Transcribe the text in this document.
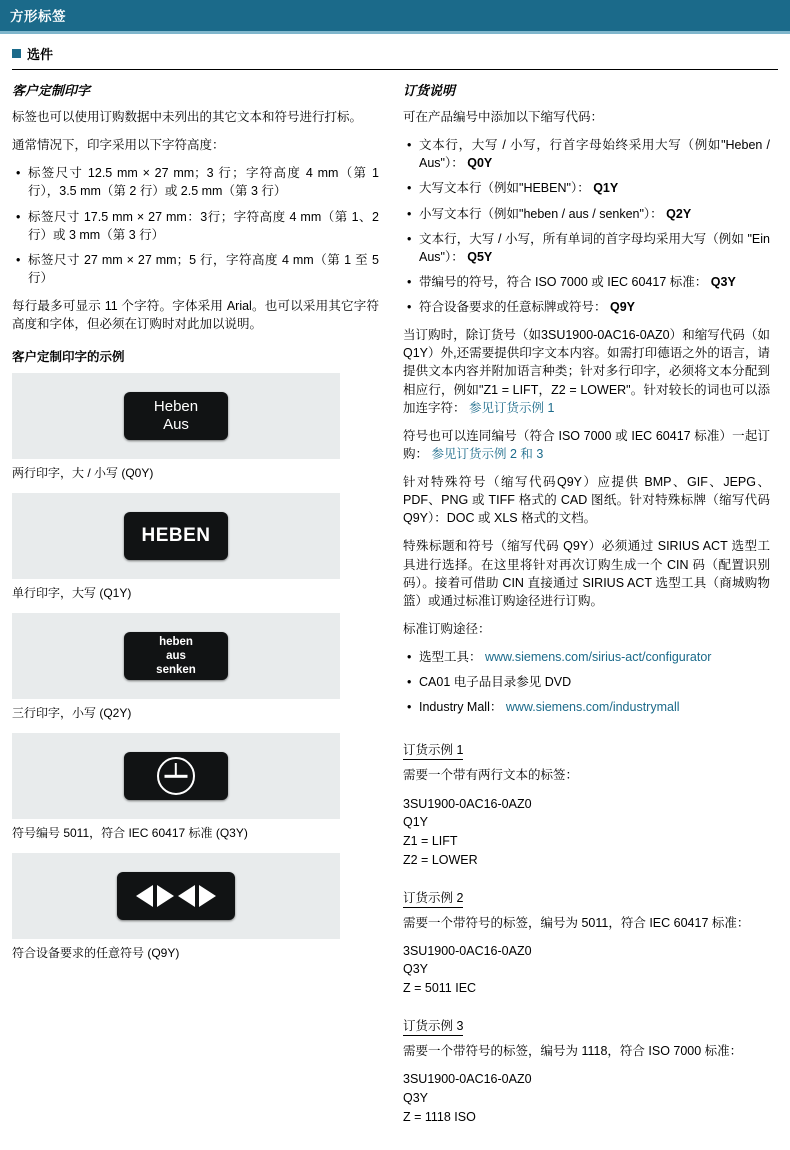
方形标签
选件
客户定制印字

标签也可以使用订购数据中未列出的其它文本和符号进行打标。

通常情况下，印字采用以下字符高度：

• 标签尺寸 12.5 mm × 27 mm；3 行；字符高度 4 mm（第 1 行），3.5 mm（第 2 行）或 2.5 mm（第 3 行）
• 标签尺寸 17.5 mm × 27 mm：3行；字符高度 4 mm（第 1、2 行）或 3 mm（第 3 行）
• 标签尺寸 27 mm × 27 mm；5 行，字符高度 4 mm（第 1 至 5 行）

每行最多可显示 11 个字符。字体采用 Arial。也可以采用其它字符高度和字体，但必须在订购时对此加以说明。

客户定制印字的示例
Heben
Aus
两行印字，大 / 小写 (Q0Y)
HEBEN
单行印字，大写 (Q1Y)
heben
aus
senken
三行印字，小写 (Q2Y)
符号编号 5011，符合 IEC 60417 标准 (Q3Y)
符合设备要求的任意符号 (Q9Y)
订货说明

可在产品编号中添加以下缩写代码：

• 文本行，大写 / 小写，行首字母始终采用大写（例如"Heben / Aus"）： Q0Y
• 大写文本行（例如"HEBEN"）： Q1Y
• 小写文本行（例如"heben / aus / senken"）： Q2Y
• 文本行，大写 / 小写，所有单词的首字母均采用大写（例如 "Ein Aus"）： Q5Y
• 带编号的符号，符合 ISO 7000 或 IEC 60417 标准： Q3Y
• 符合设备要求的任意标牌或符号： Q9Y

当订购时，除订货号（如3SU1900-0AC16-0AZ0）和缩写代码（如Q1Y）外,还需要提供印字文本内容。如需打印德语之外的语言，请提供文本内容并附加语言种类；针对多行印字，必须将文本分配到相应行，例如"Z1 = LIFT，Z2 = LOWER"。针对较长的词也可以添加连字符： 参见订货示例 1

符号也可以连同编号（符合 ISO 7000 或 IEC 60417 标准）一起订购： 参见订货示例 2 和 3

针对特殊符号（缩写代码Q9Y）应提供 BMP、GIF、JEPG、PDF、PNG 或 TIFF 格式的 CAD 图纸。针对特殊标牌（缩写代码 Q9Y）：DOC 或 XLS 格式的文档。

特殊标题和符号（缩写代码 Q9Y）必须通过 SIRIUS ACT 选型工具进行选择。在这里将针对再次订购生成一个 CIN 码（配置识别码）。接着可借助 CIN 直接通过 SIRIUS ACT 选型工具（商城购物篮）或通过标准订购途径进行订购。

标准订购途径：

• 选型工具： www.siemens.com/sirius-act/configurator
• CA01 电子品目录参见 DVD
• Industry Mall： www.siemens.com/industrymall
订货示例 1

需要一个带有两行文本的标签：

3SU1900-0AC16-0AZ0

Q1Y

Z1 = LIFT

Z2 = LOWER

订货示例 2

需要一个带符号的标签，编号为 5011，符合 IEC 60417 标准：

3SU1900-0AC16-0AZ0

Q3Y

Z = 5011 IEC

订货示例 3

需要一个带符号的标签，编号为 1118，符合 ISO 7000 标准：

3SU1900-0AC16-0AZ0

Q3Y

Z = 1118 ISO
